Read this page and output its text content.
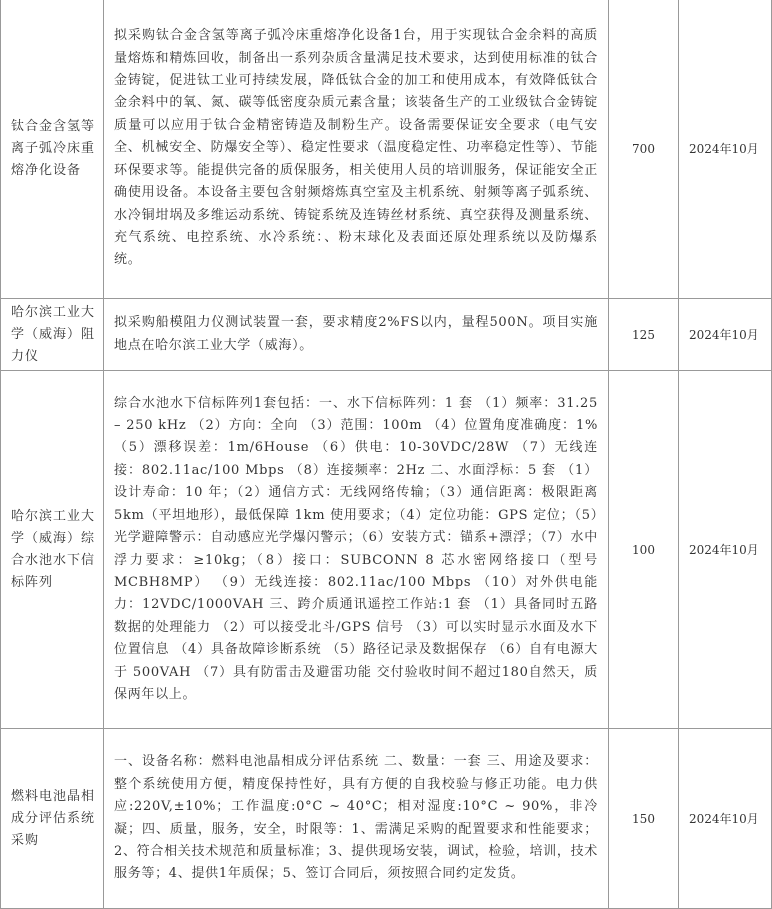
钛合金含氢等离子弧冷床重熔净化设备	拟采购钛合金含氢等离子弧冷床重熔净化设备1台，用于实现钛合金余料的高质量熔炼和精炼回收，制备出一系列杂质含量满足技术要求，达到使用标准的钛合金铸锭，促进钛工业可持续发展，降低钛合金的加工和使用成本，有效降低钛合金余料中的氧、氮、碳等低密度杂质元素含量；该装备生产的工业级钛合金铸锭质量可以应用于钛合金精密铸造及制粉生产。设备需要保证安全要求（电气安全、机械安全、防爆安全等）、稳定性要求（温度稳定性、功率稳定性等）、节能环保要求等。能提供完备的质保服务，相关使用人员的培训服务，保证能安全正确使用设备。本设备主要包含射频熔炼真空室及主机系统、射频等离子弧系统、水冷铜坩埚及多维运动系统、铸锭系统及连铸丝材系统、真空获得及测量系统、充气系统、电控系统、水冷系统：、粉末球化及表面还原处理系统以及防爆系统。	700	2024年10月
哈尔滨工业大学（威海）阻力仪	拟采购船模阻力仪测试装置一套，要求精度2%FS以内，量程500N。项目实施地点在哈尔滨工业大学（威海）。	125	2024年10月
哈尔滨工业大学（威海）综合水池水下信标阵列	综合水池水下信标阵列1套包括：一、水下信标阵列：1 套 （1）频率：31.25 – 250 kHz （2）方向：全向 （3）范围：100m （4）位置角度准确度：1% （5）漂移误差：1m/6House （6）供电：10-30VDC/28W （7）无线连接：802.11ac/100 Mbps （8）连接频率：2Hz 二、水面浮标：5 套 （1）设计寿命：10 年；（2）通信方式：无线网络传输；（3）通信距离：极限距离 5km（平坦地形），最低保障 1km 使用要求；（4）定位功能：GPS 定位；（5）光学避障警示：自动感应光学爆闪警示；（6）安装方式：锚系+漂浮；（7）水中浮力要求：≥10kg；（8）接口：SUBCONN 8 芯水密网络接口（型号 MCBH8MP） （9）无线连接：802.11ac/100 Mbps （10）对外供电能力：12VDC/1000VAH 三、跨介质通讯遥控工作站:1 套 （1）具备同时五路数据的处理能力 （2）可以接受北斗/GPS 信号 （3）可以实时显示水面及水下位置信息 （4）具备故障诊断系统 （5）路径记录及数据保存 （6）自有电源大于 500VAH （7）具有防雷击及避雷功能 交付验收时间不超过180自然天，质保两年以上。	100	2024年10月
燃料电池晶相成分评估系统采购	一、设备名称：燃料电池晶相成分评估系统 二、数量：一套 三、用途及要求：整个系统使用方便，精度保持性好，具有方便的自我校验与修正功能。电力供应:220V,±10%；工作温度:0°C ~ 40°C；相对湿度:10°C ~ 90%，非冷凝；四、质量，服务，安全，时限等：1、需满足采购的配置要求和性能要求；2、符合相关技术规范和质量标准；3、提供现场安装，调试，检验，培训，技术服务等；4、提供1年质保；5、签订合同后，须按照合同约定发货。	150	2024年10月
